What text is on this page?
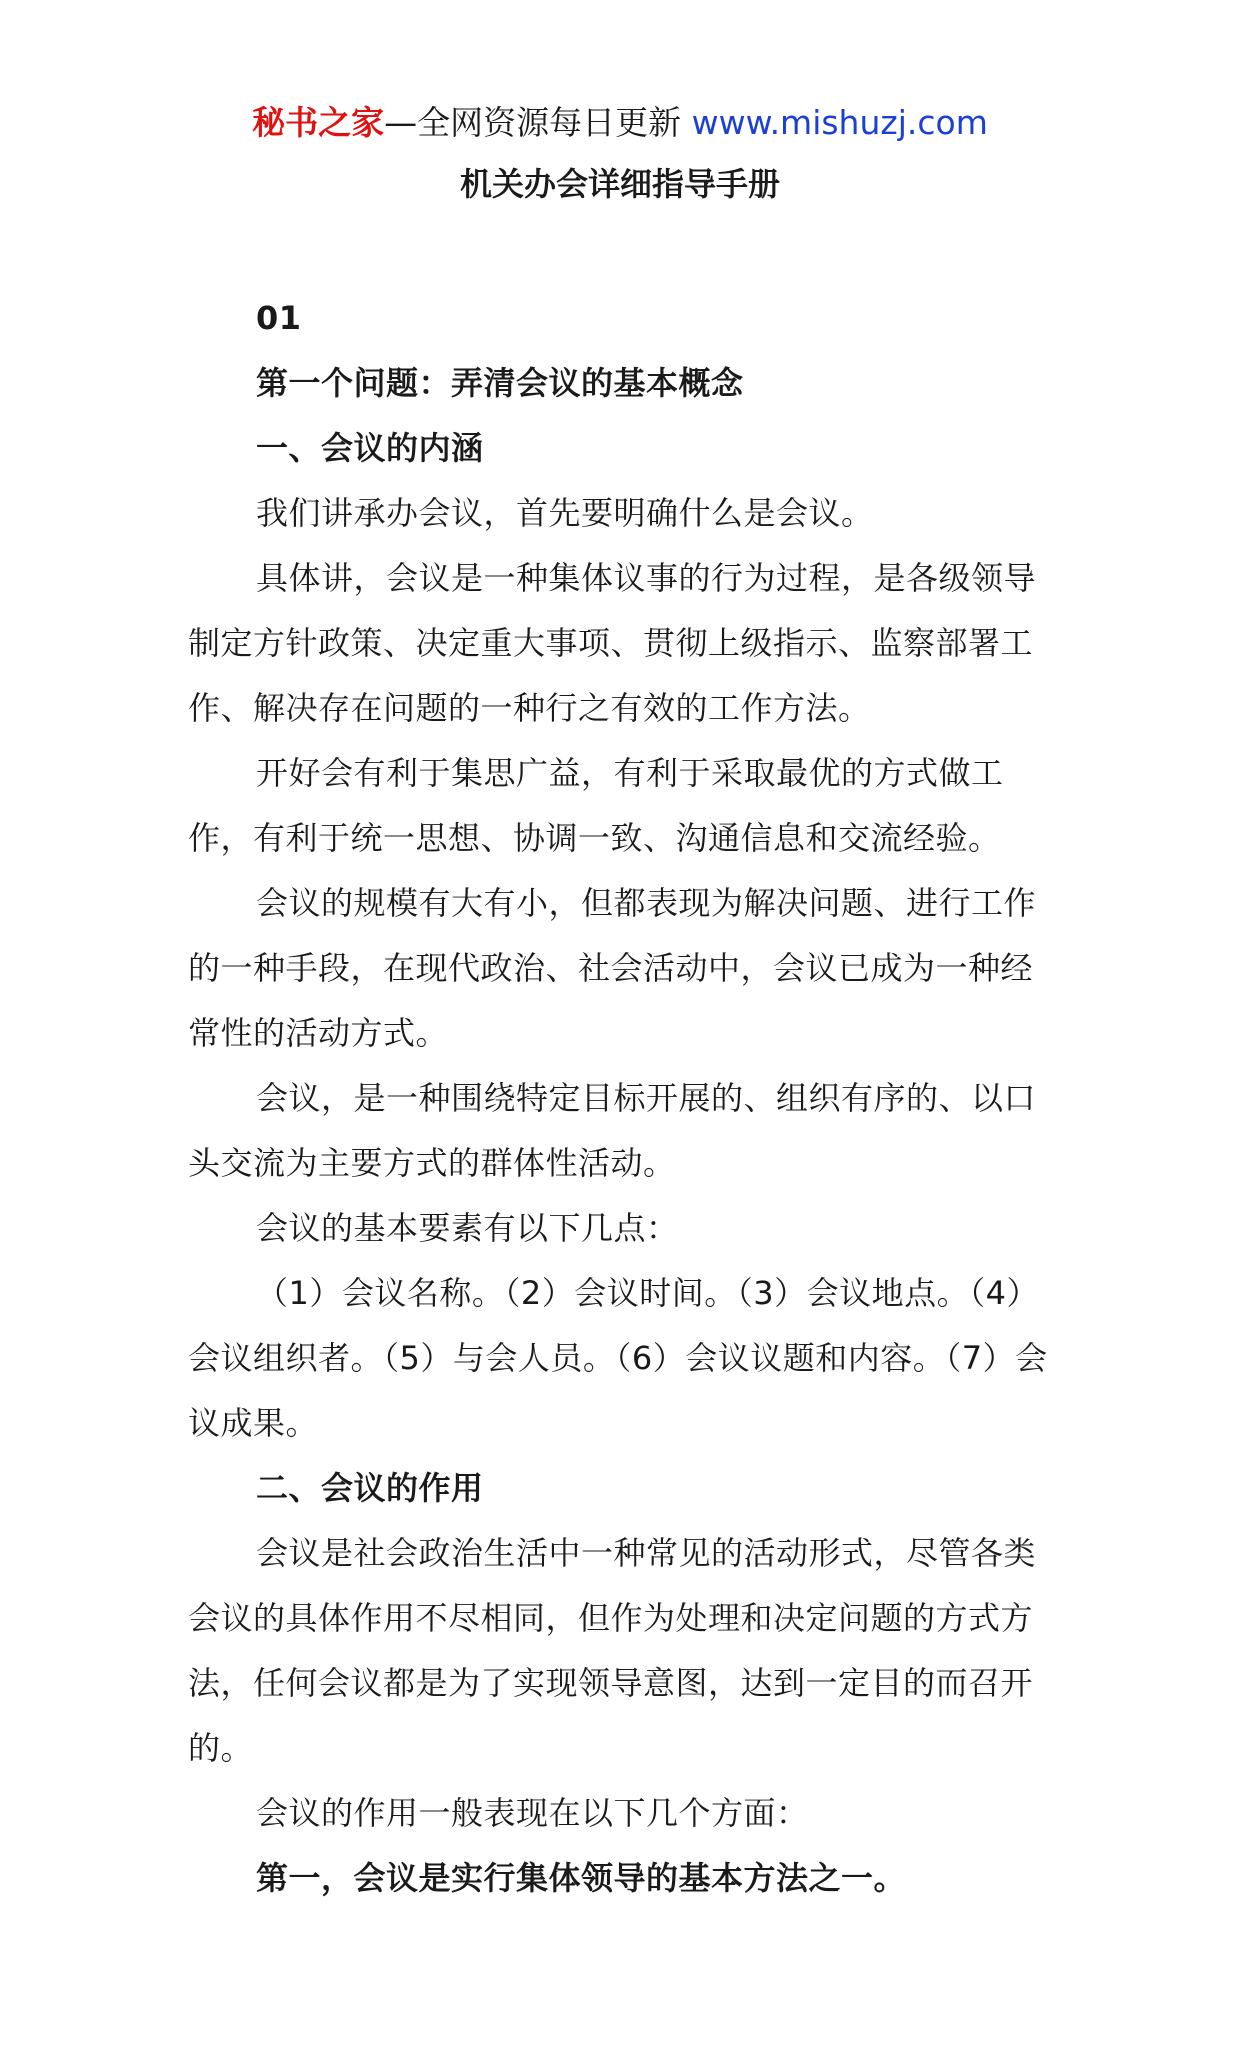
秘书之家—全网资源每日更新 www.mishuzj.com
机关办会详细指导手册

01

第一个问题：弄清会议的基本概念

一、会议的内涵

我们讲承办会议，首先要明确什么是会议。

具体讲，会议是一种集体议事的行为过程，是各级领导制定方针政策、决定重大事项、贯彻上级指示、监察部署工作、解决存在问题的一种行之有效的工作方法。

开好会有利于集思广益，有利于采取最优的方式做工作，有利于统一思想、协调一致、沟通信息和交流经验。

会议的规模有大有小，但都表现为解决问题、进行工作的一种手段，在现代政治、社会活动中，会议已成为一种经常性的活动方式。

会议，是一种围绕特定目标开展的、组织有序的、以口头交流为主要方式的群体性活动。

会议的基本要素有以下几点：

（1）会议名称。（2）会议时间。（3）会议地点。（4）会议组织者。（5）与会人员。（6）会议议题和内容。（7）会议成果。

二、会议的作用

会议是社会政治生活中一种常见的活动形式，尽管各类会议的具体作用不尽相同，但作为处理和决定问题的方式方法，任何会议都是为了实现领导意图，达到一定目的而召开的。

会议的作用一般表现在以下几个方面：

第一，会议是实行集体领导的基本方法之一。
